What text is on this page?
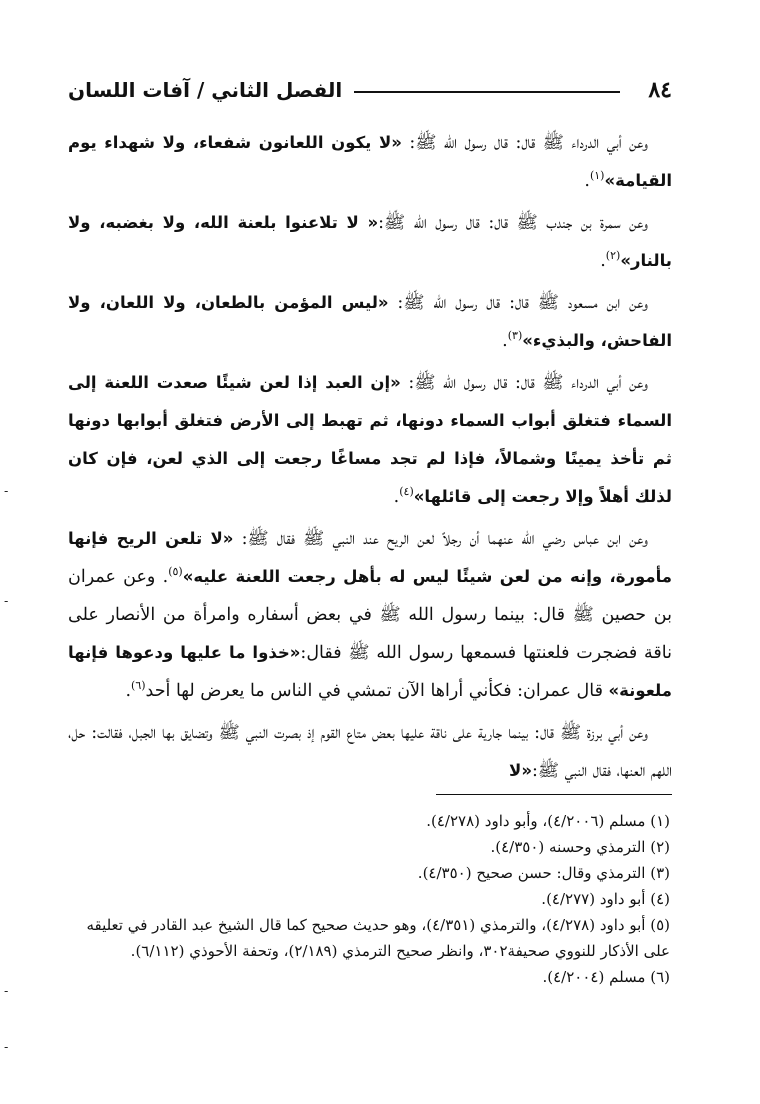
٨٤
الفصل الثاني / آفات اللسان

وعن أبي الدرداء ﷺ قال: قال رسول الله ﷺ: «لا يكون اللعانون شفعاء، ولا شهداء يوم القيامة»$^{(١)}$.

وعن سمرة بن جندب ﷺ قال: قال رسول الله ﷺ:« لا تلاعنوا بلعنة الله، ولا بغضبه، ولا بالنار»$^{(٢)}$.

وعن ابن مسعود ﷺ قال: قال رسول الله ﷺ: «ليس المؤمن بالطعان، ولا اللعان، ولا الفاحش، والبذيء»$^{(٣)}$.

وعن أبي الدرداء ﷺ قال: قال رسول الله ﷺ: «إن العبد إذا لعن شيئًا صعدت اللعنة إلى السماء فتغلق أبواب السماء دونها، ثم تهبط إلى الأرض فتغلق أبوابها دونها ثم تأخذ يمينًا وشمالاً، فإذا لم تجد مساغًا رجعت إلى الذي لعن، فإن كان لذلك أهلاً وإلا رجعت إلى قائلها»$^{(٤)}$.

وعن ابن عباس رضي الله عنهما أن رجلاً لعن الريح عند النبي ﷺ فقال ﷺ: «لا تلعن الريح فإنها مأمورة، وإنه من لعن شيئًا ليس له بأهل رجعت اللعنة عليه»$^{(٥)}$. وعن عمران بن حصين ﷺ قال: بينما رسول الله ﷺ في بعض أسفاره وامرأة من الأنصار على ناقة فضجرت فلعنتها فسمعها رسول الله ﷺ فقال:«خذوا ما عليها ودعوها فإنها ملعونة» قال عمران: فكأني أراها الآن تمشي في الناس ما يعرض لها أحد$^{(٦)}$.

وعن أبي برزة ﷺ قال: بينما جارية على ناقة عليها بعض متاع القوم إذ بصرت النبي ﷺ وتضايق بها الجبل، فقالت: حل، اللهم العنها، فقال النبي ﷺ:«لا

(١) مسلم (٤/٢٠٠٦)، وأبو داود (٤/٢٧٨).

(٢) الترمذي وحسنه (٤/٣٥٠).

(٣) الترمذي وقال: حسن صحيح (٤/٣٥٠).

(٤) أبو داود (٤/٢٧٧).

(٥) أبو داود (٤/٢٧٨)، والترمذي (٤/٣٥١)، وهو حديث صحيح كما قال الشيخ عبد القادر في تعليقه على الأذكار للنووي صحيفة٣٠٢، وانظر صحيح الترمذي (٢/١٨٩)، وتحفة الأحوذي (٦/١١٢).

(٦) مسلم (٤/٢٠٠٤).

-
-
-
-
